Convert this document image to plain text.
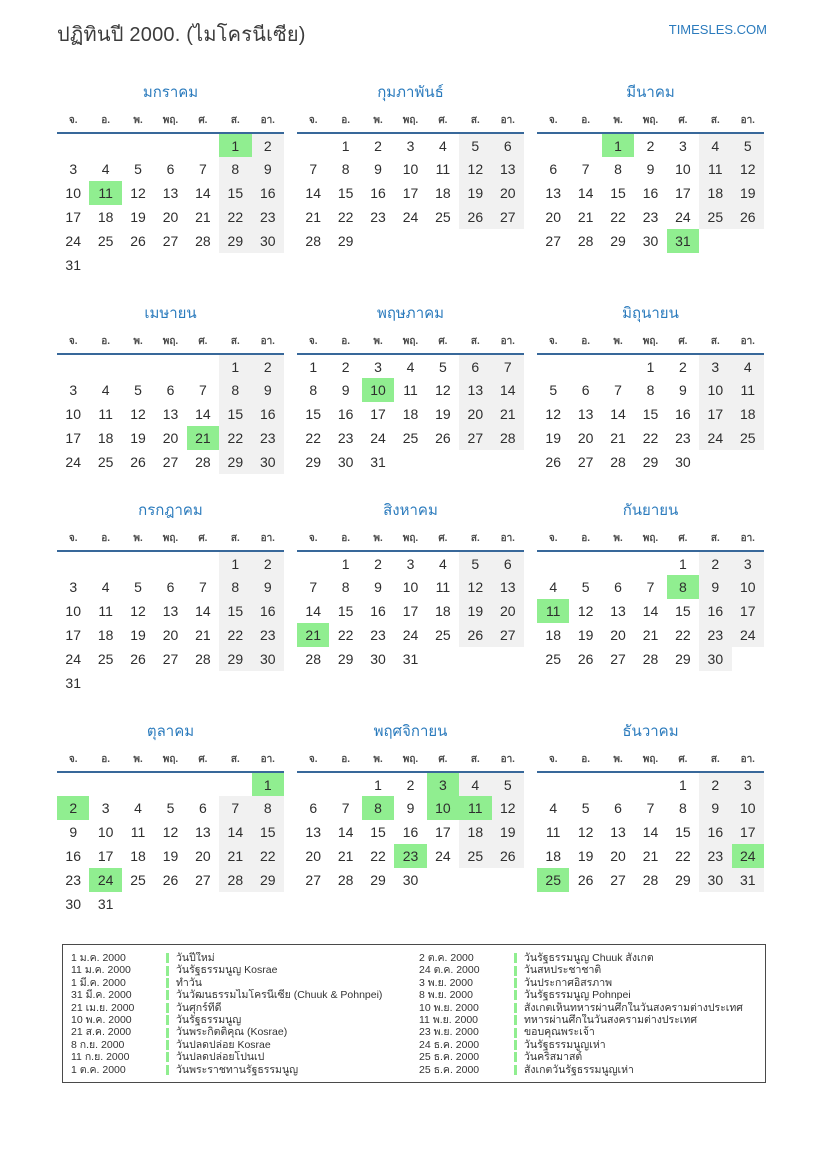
ปฏิทินปี 2000. (ไมโครนีเซีย)	TIMESLES.COM
มกราคม
จ.	อ.	พ.	พฤ.	ศ.	ส.	อา.
					1	2
3	4	5	6	7	8	9
10	11	12	13	14	15	16
17	18	19	20	21	22	23
24	25	26	27	28	29	30
31						
กุมภาพันธ์
จ.	อ.	พ.	พฤ.	ศ.	ส.	อา.
	1	2	3	4	5	6
7	8	9	10	11	12	13
14	15	16	17	18	19	20
21	22	23	24	25	26	27
28	29					
มีนาคม
จ.	อ.	พ.	พฤ.	ศ.	ส.	อา.
		1	2	3	4	5
6	7	8	9	10	11	12
13	14	15	16	17	18	19
20	21	22	23	24	25	26
27	28	29	30	31		
เมษายน
จ.	อ.	พ.	พฤ.	ศ.	ส.	อา.
					1	2
3	4	5	6	7	8	9
10	11	12	13	14	15	16
17	18	19	20	21	22	23
24	25	26	27	28	29	30
พฤษภาคม
จ.	อ.	พ.	พฤ.	ศ.	ส.	อา.
1	2	3	4	5	6	7
8	9	10	11	12	13	14
15	16	17	18	19	20	21
22	23	24	25	26	27	28
29	30	31				
มิถุนายน
จ.	อ.	พ.	พฤ.	ศ.	ส.	อา.
			1	2	3	4
5	6	7	8	9	10	11
12	13	14	15	16	17	18
19	20	21	22	23	24	25
26	27	28	29	30		
กรกฎาคม
จ.	อ.	พ.	พฤ.	ศ.	ส.	อา.
					1	2
3	4	5	6	7	8	9
10	11	12	13	14	15	16
17	18	19	20	21	22	23
24	25	26	27	28	29	30
31						
สิงหาคม
จ.	อ.	พ.	พฤ.	ศ.	ส.	อา.
	1	2	3	4	5	6
7	8	9	10	11	12	13
14	15	16	17	18	19	20
21	22	23	24	25	26	27
28	29	30	31			
กันยายน
จ.	อ.	พ.	พฤ.	ศ.	ส.	อา.
				1	2	3
4	5	6	7	8	9	10
11	12	13	14	15	16	17
18	19	20	21	22	23	24
25	26	27	28	29	30	
ตุลาคม
จ.	อ.	พ.	พฤ.	ศ.	ส.	อา.
						1
2	3	4	5	6	7	8
9	10	11	12	13	14	15
16	17	18	19	20	21	22
23	24	25	26	27	28	29
30	31					
พฤศจิกายน
จ.	อ.	พ.	พฤ.	ศ.	ส.	อา.
		1	2	3	4	5
6	7	8	9	10	11	12
13	14	15	16	17	18	19
20	21	22	23	24	25	26
27	28	29	30			
ธันวาคม
จ.	อ.	พ.	พฤ.	ศ.	ส.	อา.
				1	2	3
4	5	6	7	8	9	10
11	12	13	14	15	16	17
18	19	20	21	22	23	24
25	26	27	28	29	30	31
1 ม.ค. 2000	วันปีใหม่
11 ม.ค. 2000	วันรัฐธรรมนูญ Kosrae
1 มี.ค. 2000	ทำวัน
31 มี.ค. 2000	วันวัฒนธรรมไมโครนีเซีย (Chuuk & Pohnpei)
21 เม.ย. 2000	วันศุกร์ที่ดี
10 พ.ค. 2000	วันรัฐธรรมนูญ
21 ส.ค. 2000	วันพระกิตติคุณ (Kosrae)
8 ก.ย. 2000	วันปลดปล่อย Kosrae
11 ก.ย. 2000	วันปลดปล่อยโปนเป
1 ต.ค. 2000	วันพระราชทานรัฐธรรมนูญ
2 ต.ค. 2000	วันรัฐธรรมนูญ Chuuk สังเกต
24 ต.ค. 2000	วันสหประชาชาติ
3 พ.ย. 2000	วันประกาศอิสรภาพ
8 พ.ย. 2000	วันรัฐธรรมนูญ Pohnpei
10 พ.ย. 2000	สังเกตเห็นทหารผ่านศึกในวันสงครามต่างประเทศ
11 พ.ย. 2000	ทหารผ่านศึกในวันสงครามต่างประเทศ
23 พ.ย. 2000	ขอบคุณพระเจ้า
24 ธ.ค. 2000	วันรัฐธรรมนูญเห่า
25 ธ.ค. 2000	วันคริสมาสต์
25 ธ.ค. 2000	สังเกตวันรัฐธรรมนูญเห่า
